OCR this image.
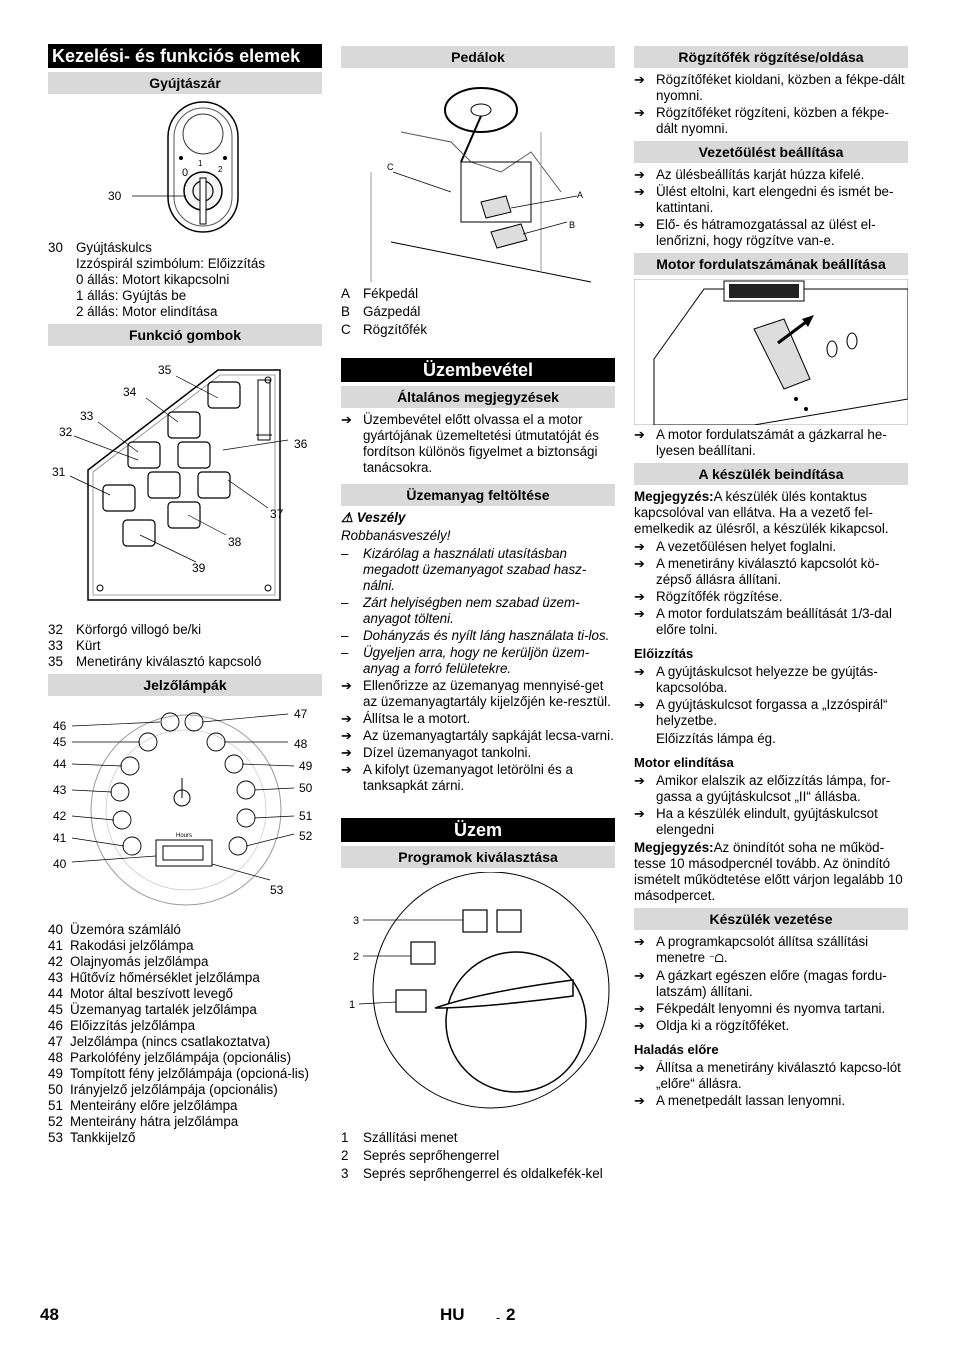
Kezelési- és funkciós elemek
Gyújtászár
0
1
2
30
30 Gyújtáskulcs
Izzóspirál szimbólum: Előizzítás
0 állás: Motort kikapcsolni
1 állás: Gyújtás be
2 állás: Motor elindítása
Funkció gombok
35
34
33
32
31
36
37
38
39
32 Körforgó villogó be/ki
33 Kürt
35 Menetirány kiválasztó kapcsoló
Jelzőlámpák
Hours
46
45
44
43
42
41
40
47
48
49
50
51
52
53
40 Üzemóra számláló
41 Rakodási jelzőlámpa
42 Olajnyomás jelzőlámpa
43 Hűtővíz hőmérséklet jelzőlámpa
44 Motor által beszívott levegő
45 Üzemanyag tartalék jelzőlámpa
46 Előizzítás jelzőlámpa
47 Jelzőlámpa (nincs csatlakoztatva)
48 Parkolófény jelzőlámpája (opcionális)
49 Tompított fény jelzőlámpája (opcioná-lis)
50 Irányjelző jelzőlámpája (opcionális)
51 Menteirány előre jelzőlámpa
52 Menteirány hátra jelzőlámpa
53 Tankkijelző
Pedálok
C
A
B
A Fékpedál
B Gázpedál
C Rögzítőfék
Üzembevétel
Általános megjegyzések
➔ Üzembevétel előtt olvassa el a motor gyártójának üzemeltetési útmutatóját és fordítson különös figyelmet a biztonsági tanácsokra.
Üzemanyag feltöltése
⚠ Veszély
Robbanásveszély!
–	Kizárólag a használati utasításban megadott üzemanyagot szabad hasz-nálni.
–	Zárt helyiségben nem szabad üzem-anyagot tölteni.
–	Dohányzás és nyílt láng használata ti-los.
–	Ügyeljen arra, hogy ne kerüljön üzem-anyag a forró felületekre.
➔ Ellenőrizze az üzemanyag mennyisé-get az üzemanyagtartály kijelzőjén ke-resztül.
➔ Állítsa le a motort.
➔ Az üzemanyagtartály sapkáját lecsa-varni.
➔ Dízel üzemanyagot tankolni.
➔ A kifolyt üzemanyagot letörölni és a tanksapkát zárni.
Üzem
Programok kiválasztása
3
2
1
1	Szállítási menet
2	Seprés seprőhengerrel
3	Seprés seprőhengerrel és oldalkefék-kel
Rögzítőfék rögzítése/oldása
➔ Rögzítőféket kioldani, közben a fékpe-dált nyomni.
➔ Rögzítőféket rögzíteni, közben a fékpe-dált nyomni.
Vezetőülést beállítása
➔ Az ülésbeállítás karját húzza kifelé.
➔ Ülést eltolni, kart elengedni és ismét be-kattintani.
➔ Elő- és hátramozgatással az ülést el-lenőrizni, hogy rögzítve van-e.
Motor fordulatszámának beállítása
➔ A motor fordulatszámát a gázkarral he-lyesen beállítani.
A készülék beindítása
Megjegyzés:A készülék ülés kontaktus kapcsolóval van ellátva. Ha a vezető fel-emelkedik az ülésről, a készülék kikapcsol.
➔ A vezetőülésen helyet foglalni.
➔ A menetirány kiválasztó kapcsolót kö-zépső állásra állítani.
➔ Rögzítőfék rögzítése.
➔ A motor fordulatszám beállítását 1/3-dal előre tolni.
Előizzítás
➔ A gyújtáskulcsot helyezze be gyújtás-kapcsolóba.
➔ A gyújtáskulcsot forgassa a „Izzóspirál“ helyzetbe.
Előizzítás lámpa ég.
Motor elindítása
➔ Amikor elalszik az előizzítás lámpa, for-gassa a gyújtáskulcsot „II“ állásba.
➔ Ha a készülék elindult, gyújtáskulcsot elengedni
Megjegyzés:Az önindítót soha ne működ-tesse 10 másodpercnél tovább. Az önindító ismételt működtetése előtt várjon legalább 10 másodpercet.
Készülék vezetése
➔ A programkapcsolót állítsa szállítási menetre ⁻ᗝ.
➔ A gázkart egészen előre (magas fordu-latszám) állítani.
➔ Fékpedált lenyomni és nyomva tartani.
➔ Oldja ki a rögzítőféket.
Haladás előre
➔ Állítsa a menetirány kiválasztó kapcso-lót „előre“ állásra.
➔ A menetpedált lassan lenyomni.
48	HU - 2
